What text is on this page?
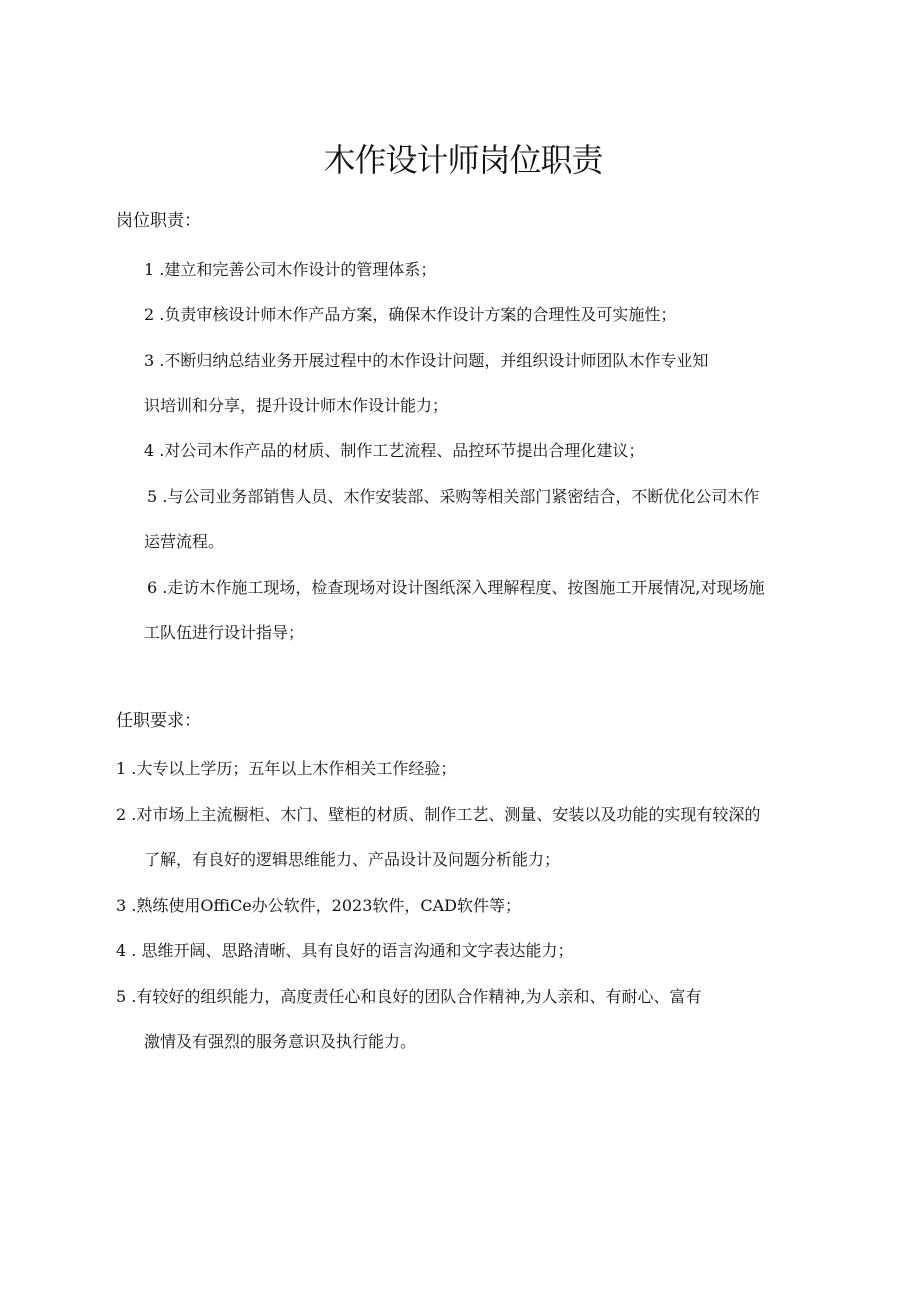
木作设计师岗位职责
岗位职责：
1 .建立和完善公司木作设计的管理体系；
2 .负责审核设计师木作产品方案，确保木作设计方案的合理性及可实施性；
3 .不断归纳总结业务开展过程中的木作设计问题，并组织设计师团队木作专业知
识培训和分享，提升设计师木作设计能力；
4 .对公司木作产品的材质、制作工艺流程、品控环节提出合理化建议；
5 .与公司业务部销售人员、木作安装部、采购等相关部门紧密结合，不断优化公司木作
运营流程。
6 .走访木作施工现场，检查现场对设计图纸深入理解程度、按图施工开展情况,对现场施
工队伍进行设计指导；
任职要求：
1 .大专以上学历；五年以上木作相关工作经验；
2 .对市场上主流橱柜、木门、壁柜的材质、制作工艺、测量、安装以及功能的实现有较深的
了解，有良好的逻辑思维能力、产品设计及问题分析能力；
3 .熟练使用OffiCe办公软件，2023软件，CAD软件等；
4 . 思维开阔、思路清晰、具有良好的语言沟通和文字表达能力；
5 .有较好的组织能力，高度责任心和良好的团队合作精神,为人亲和、有耐心、富有
激情及有强烈的服务意识及执行能力。
